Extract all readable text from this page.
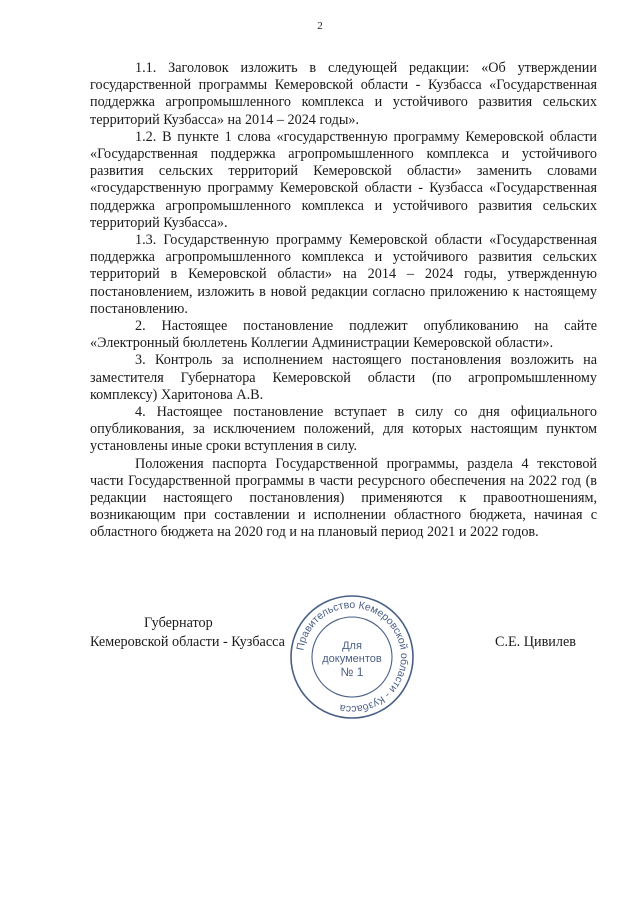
2

1.1. Заголовок изложить в следующей редакции: «Об утверждении государственной программы Кемеровской области - Кузбасса «Государственная поддержка агропромышленного комплекса и устойчивого развития сельских территорий Кузбасса» на 2014 – 2024 годы».

1.2. В пункте 1 слова «государственную программу Кемеровской области «Государственная поддержка агропромышленного комплекса и устойчивого развития сельских территорий Кемеровской области» заменить словами «государственную программу Кемеровской области - Кузбасса «Государственная поддержка агропромышленного комплекса и устойчивого развития сельских территорий Кузбасса».

1.3. Государственную программу Кемеровской области «Государственная поддержка агропромышленного комплекса и устойчивого развития сельских территорий в Кемеровской области» на 2014 – 2024 годы, утвержденную постановлением, изложить в новой редакции согласно приложению к настоящему постановлению.

2. Настоящее постановление подлежит опубликованию на сайте «Электронный бюллетень Коллегии Администрации Кемеровской области».

3. Контроль за исполнением настоящего постановления возложить на заместителя Губернатора Кемеровской области (по агропромышленному комплексу) Харитонова А.В.

4. Настоящее постановление вступает в силу со дня официального опубликования, за исключением положений, для которых настоящим пунктом установлены иные сроки вступления в силу.

Положения паспорта Государственной программы, раздела 4 текстовой части Государственной программы в части ресурсного обеспечения на 2022 год (в редакции настоящего постановления) применяются к правоотношениям, возникающим при составлении и исполнении областного бюджета, начиная с областного бюджета на 2020 год и на плановый период 2021 и 2022 годов.

Губернатор
Кемеровской области - Кузбасса	С.Е. Цивилев
Правительство Кемеровской области - Кузбасса
Для
документов
№ 1
